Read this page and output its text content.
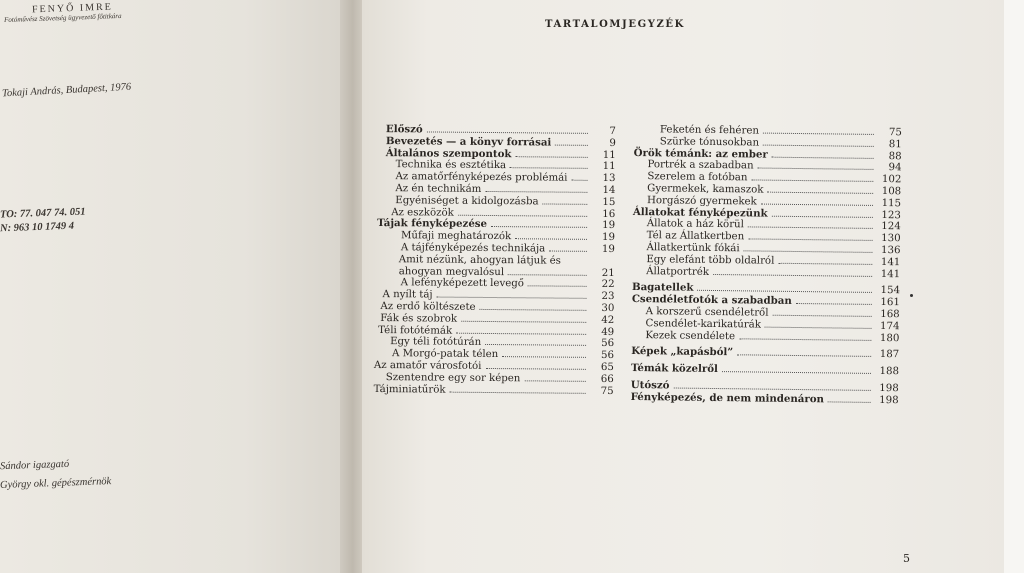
FENYŐ IMRE
Fotóművész Szövetség ügyvezető főtitkára
Tokaji András, Budapest, 1976
TO: 77. 047 74. 051
N: 963 10 1749 4
Sándor igazgató
György okl. gépészmérnök
TARTALOMJEGYZÉK
Előszó	7
Bevezetés — a könyv forrásai	9
Általános szempontok	11
Technika és esztétika	11
Az amatőrfényképezés problémái	13
Az én technikám	14
Egyéniséget a kidolgozásba	15
Az eszközök	16
Tájak fényképezése	19
Műfaji meghatározók	19
A tájfényképezés technikája	19
Amit nézünk, ahogyan látjuk és
ahogyan megvalósul	21
A lefényképezett levegő	22
A nyílt táj	23
Az erdő költészete	30
Fák és szobrok	42
Téli fotótémák	49
Egy téli fotótúrán	56
A Morgó-patak télen	56
Az amatőr városfotói	65
Szentendre egy sor képen	66
Tájminiatűrök	75
Feketén és fehéren	75
Szürke tónusokban	81
Örök témánk: az ember	88
Portrék a szabadban	94
Szerelem a fotóban	102
Gyermekek, kamaszok	108
Horgászó gyermekek	115
Állatokat fényképezünk	123
Állatok a ház körül	124
Tél az Állatkertben	130
Állatkertünk fókái	136
Egy elefánt több oldalról	141
Állatportrék	141
Bagatellek	154
Csendéletfotók a szabadban	161
A korszerű csendéletről	168
Csendélet-karikatúrák	174
Kezek csendélete	180
Képek „kapásból”	187
Témák közelről	188
Utószó	198
Fényképezés, de nem mindenáron	198
5
